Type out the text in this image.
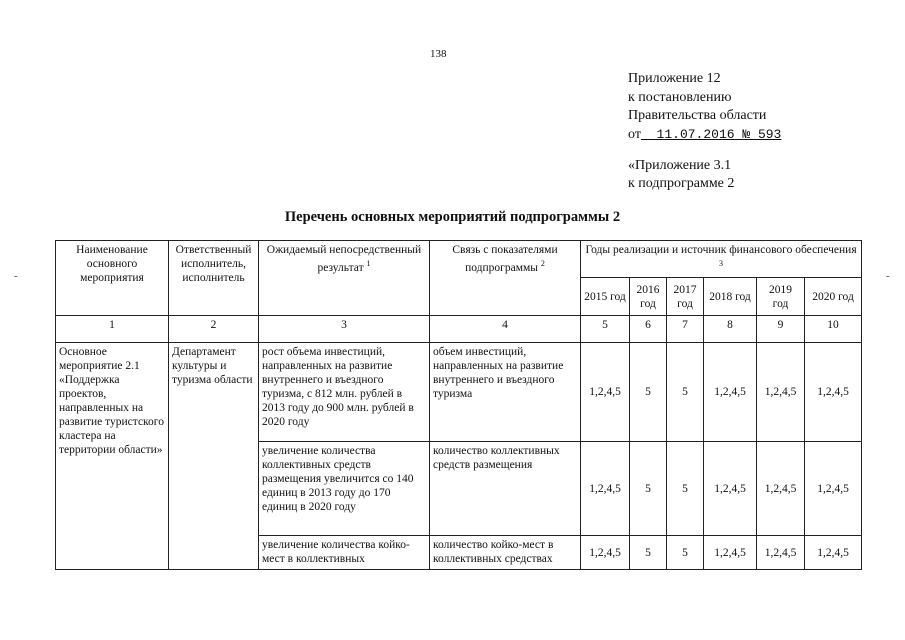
138
Приложение 12
к постановлению
Правительства области
от  11.07.2016 № 593
«Приложение 3.1
к подпрограмме 2
Перечень основных мероприятий подпрограммы 2
-	-
Наименование основного мероприятия	Ответственный исполнитель, исполнитель	Ожидаемый непосредственный результат $^1$	Связь с показателями подпрограммы $^2$	Годы реализации и источник финансового обеспечения $^3$
				2015 год	2016 год	2017 год	2018 год	2019 год	2020 год
1	2	3	4	5	6	7	8	9	10
Основное мероприятие 2.1 «Поддержка проектов, направленных на развитие туристского кластера на территории области»	Департамент культуры и туризма области	рост объема инвестиций, направленных на развитие внутреннего и въездного туризма, с 812 млн. рублей в 2013 году до 900 млн. рублей в 2020 году	объем инвестиций, направленных на развитие внутреннего и въездного туризма	1,2,4,5	5	5	1,2,4,5	1,2,4,5	1,2,4,5
		увеличение количества коллективных средств размещения увеличится со 140 единиц в 2013 году до 170 единиц в 2020 году	количество коллективных средств размещения	1,2,4,5	5	5	1,2,4,5	1,2,4,5	1,2,4,5
		увеличение количества койко-мест в коллективных	количество койко-мест в коллективных средствах	1,2,4,5	5	5	1,2,4,5	1,2,4,5	1,2,4,5
